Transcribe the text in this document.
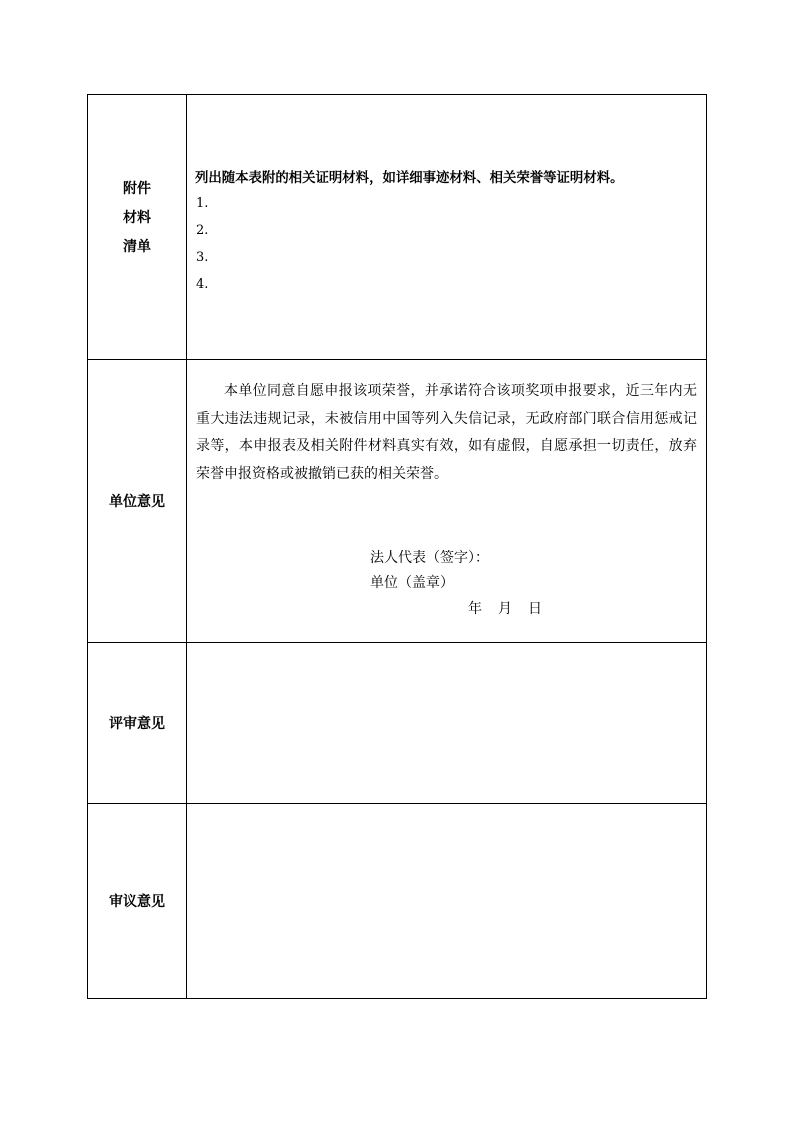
附件
材料
清单
列出随本表附的相关证明材料，如详细事迹材料、相关荣誉等证明材料。
1.
2.
3.
4.
单位意见
本单位同意自愿申报该项荣誉，并承诺符合该项奖项申报要求，近三年内无重大违法违规记录，未被信用中国等列入失信记录，无政府部门联合信用惩戒记录等，本申报表及相关附件材料真实有效，如有虚假，自愿承担一切责任，放弃荣誉申报资格或被撤销已获的相关荣誉。
法人代表（签字）：
单位（盖章）
年 月 日
评审意见
审议意见
